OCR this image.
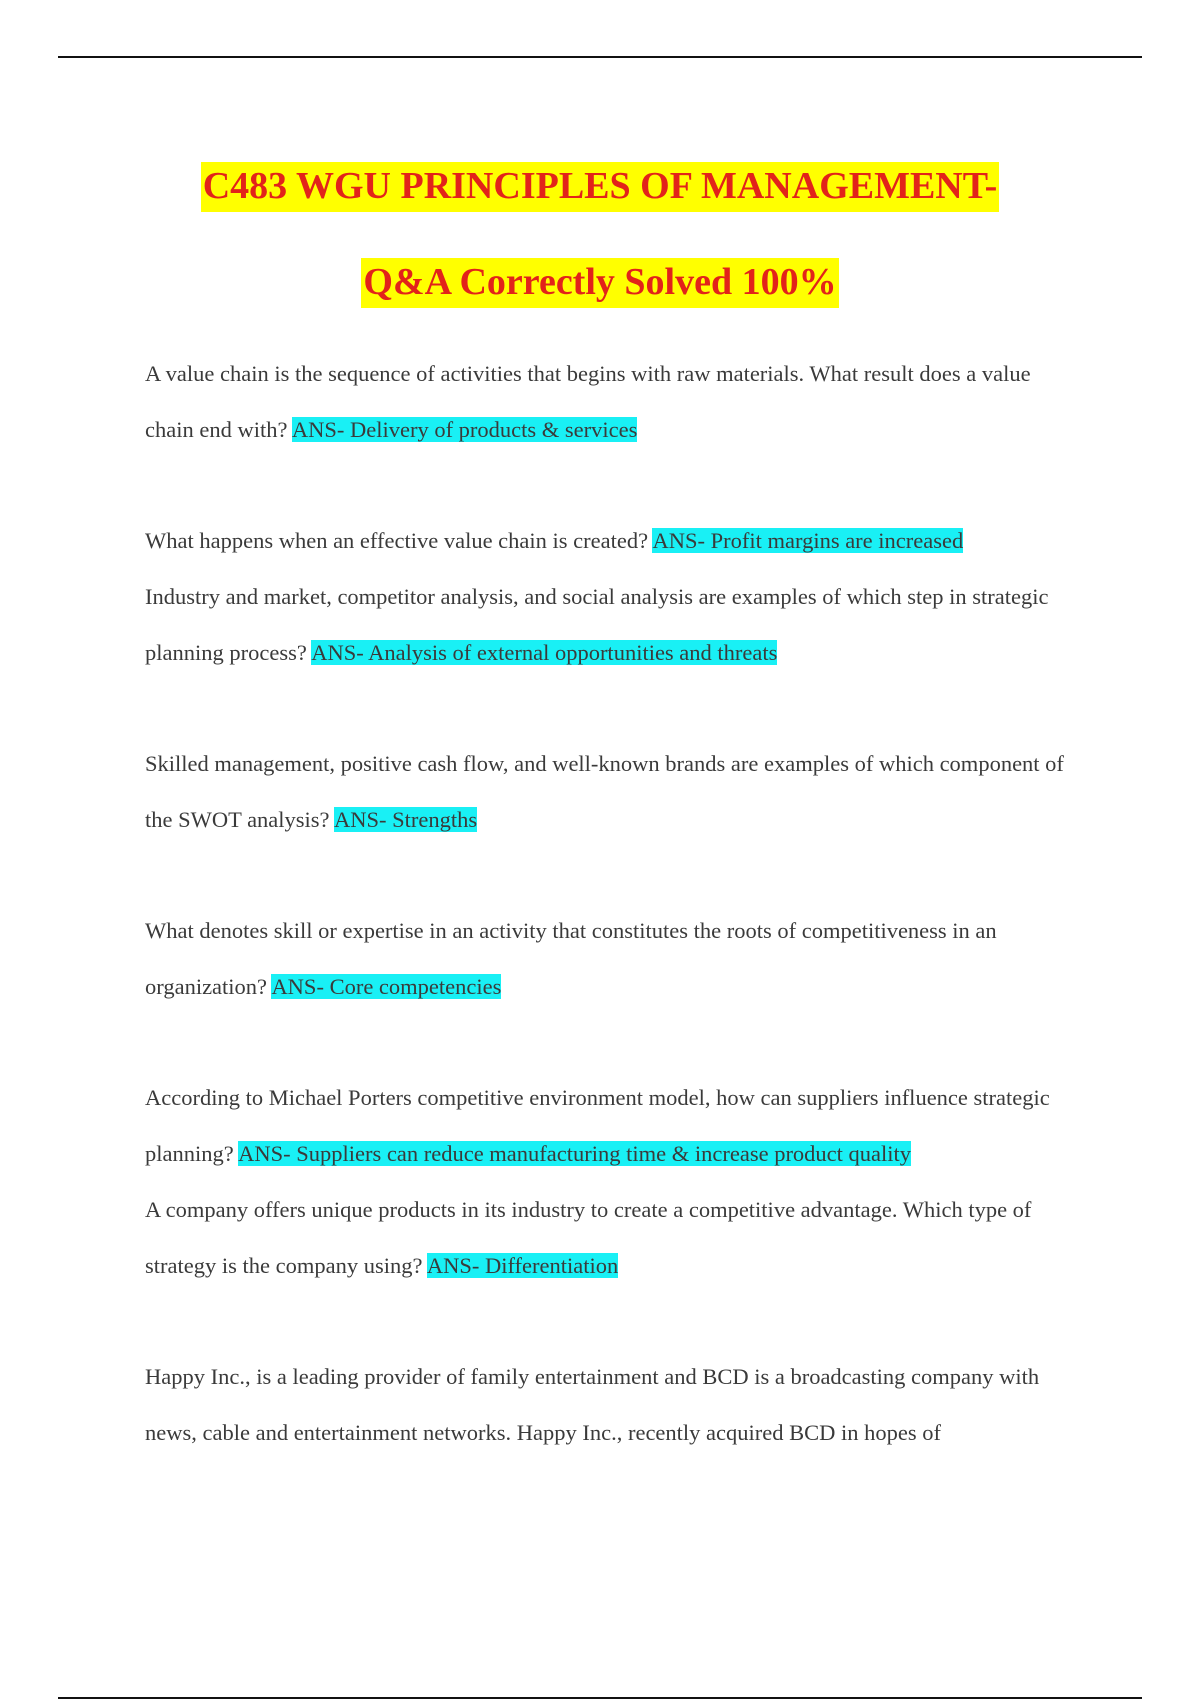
C483 WGU PRINCIPLES OF MANAGEMENT-
Q&A Correctly Solved 100%

A value chain is the sequence of activities that begins with raw materials. What result does a value chain end with? ANS- Delivery of products & services

What happens when an effective value chain is created? ANS- Profit margins are increased

Industry and market, competitor analysis, and social analysis are examples of which step in strategic planning process? ANS- Analysis of external opportunities and threats

Skilled management, positive cash flow, and well-known brands are examples of which component of the SWOT analysis? ANS- Strengths

What denotes skill or expertise in an activity that constitutes the roots of competitiveness in an organization? ANS- Core competencies

According to Michael Porters competitive environment model, how can suppliers influence strategic planning? ANS- Suppliers can reduce manufacturing time & increase product quality

A company offers unique products in its industry to create a competitive advantage. Which type of strategy is the company using? ANS- Differentiation

Happy Inc., is a leading provider of family entertainment and BCD is a broadcasting company with news, cable and entertainment networks. Happy Inc., recently acquired BCD in hopes of
